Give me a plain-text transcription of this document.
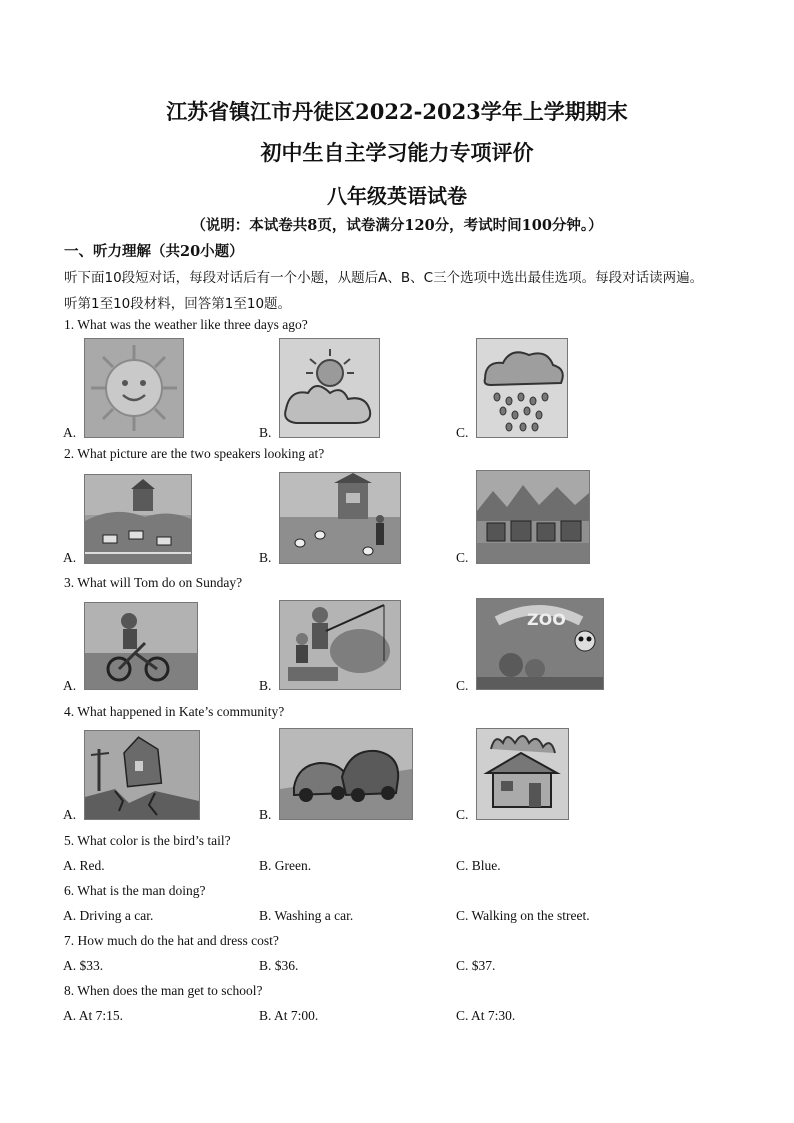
江苏省镇江市丹徒区2022-2023学年上学期期末
初中生自主学习能力专项评价
八年级英语试卷
（说明：本试卷共8页，试卷满分120分，考试时间100分钟。）
一、听力理解（共20小题）
听下面10段短对话，每段对话后有一个小题，从题后A、B、C三个选项中选出最佳选项。每段对话读两遍。
听第1至10段材料，回答第1至10题。
1. What was the weather like three days ago?
A.	B.	C.
2. What picture are the two speakers looking at?
A.	B.	C.
3. What will Tom do on Sunday?
A.	B.	C.
ZOO
4. What happened in Kate’s community?
A.	B.	C.
5. What color is the bird’s tail?
A. Red.	B. Green.	C. Blue.
6. What is the man doing?
A. Driving a car.	B. Washing a car.	C. Walking on the street.
7. How much do the hat and dress cost?
A. $33.	B. $36.	C. $37.
8. When does the man get to school?
A. At 7:15.	B. At 7:00.	C. At 7:30.
